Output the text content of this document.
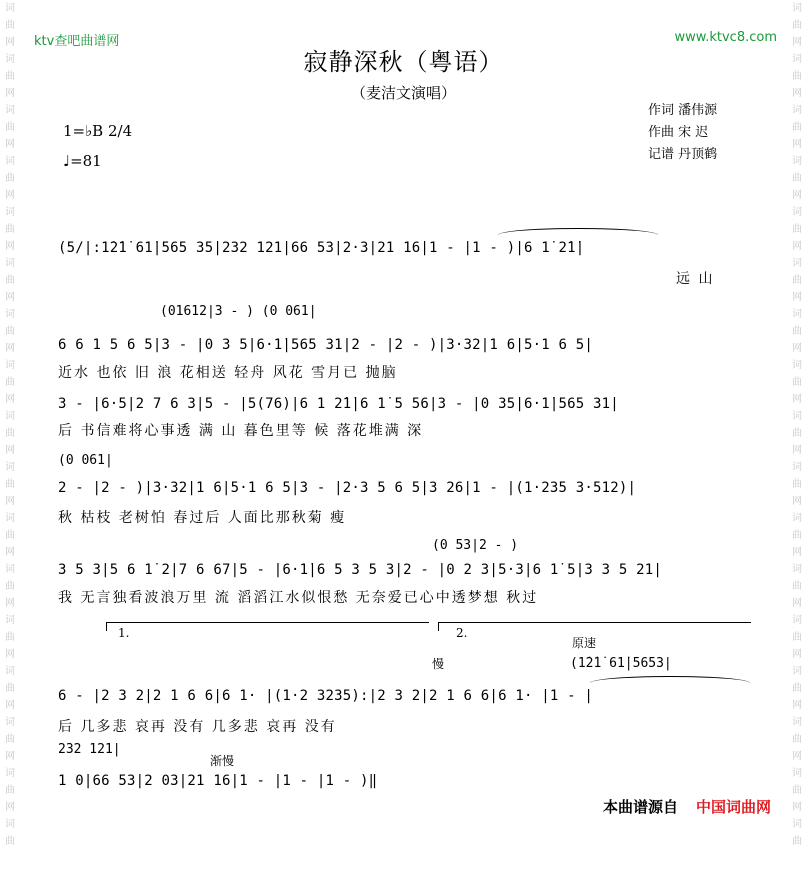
词
曲
网
词
曲
网
词
曲
网
词
曲
网
词
曲
网
词
曲
网
词
曲
网
词
曲
网
词
曲
网
词
曲
网
词
曲
网
词
曲
网
词
曲
网
词
曲
网
词
曲
网
词
曲
网
词
曲
词
曲
网
词
曲
网
词
曲
网
词
曲
网
词
曲
网
词
曲
网
词
曲
网
词
曲
网
词
曲
网
词
曲
网
词
曲
网
词
曲
网
词
曲
网
词
曲
网
词
曲
网
词
曲
网
词
曲
ktv查吧曲谱网	www.ktvc8.com
寂静深秋（粤语）
（麦洁文演唱）
作词 潘伟源
作曲 宋 迟
记谱 丹顶鹤
1=♭B 2/4
♩=81
(5/|:1̇2̇1̇ 61̇|565 35|232 121|66 53|2·3|21 16|1 - |1 - )|6 1̇ 2̇1̇|
远 山
(01612|3 - ) (0 061|
6 6 1 5 6 5|3 - |0 3 5|6·1̇|565 31|2 - |2 - )|3·32|1 6|5·1 6 5|
近水 也依 旧 浪 花相送 轻舟 风花 雪月已 抛脑
3 - |6·5|2 7 6 3|5 - |5(76)|6 1 2̇1̇|6 1̇ 5 56|3 - |0 35|6·1̇|565 31|
后 书信难将心事透 满 山 暮色里等 候 落花堆满 深
(0 061|
2 - |2 - )|3·32|1 6|5·1 6 5|3 - |2·3 5 6 5|3 26|1 - |(1·235 3·512)|
秋 枯枝 老树怕 春过后 人面比那秋菊 瘦
(0 53|2 - )
3 5 3|5 6 1̇ 2|7 6 67|5 - |6·1̇|6 5 3 5 3|2 - |0 2 3|5·3|6 1̇ 5|3 3 5 21|
我 无言独看波浪万里 流 滔滔江水似恨愁 无奈爱已心中透梦想 秋过
1.	2.
原速
慢	(1̇2̇1̇ 61̇|5653|
6 - |2 3 2|2 1 6 6|6 1· |(1·2 3235):|2 3 2|2 1 6 6|6 1· |1 - |
后 几多悲 哀再 没有 几多悲 哀再 没有
232 121|
渐慢
1 0|66 53|2 03|21 16|1 - |1 - |1 - )‖
本曲谱源自 中国词曲网
